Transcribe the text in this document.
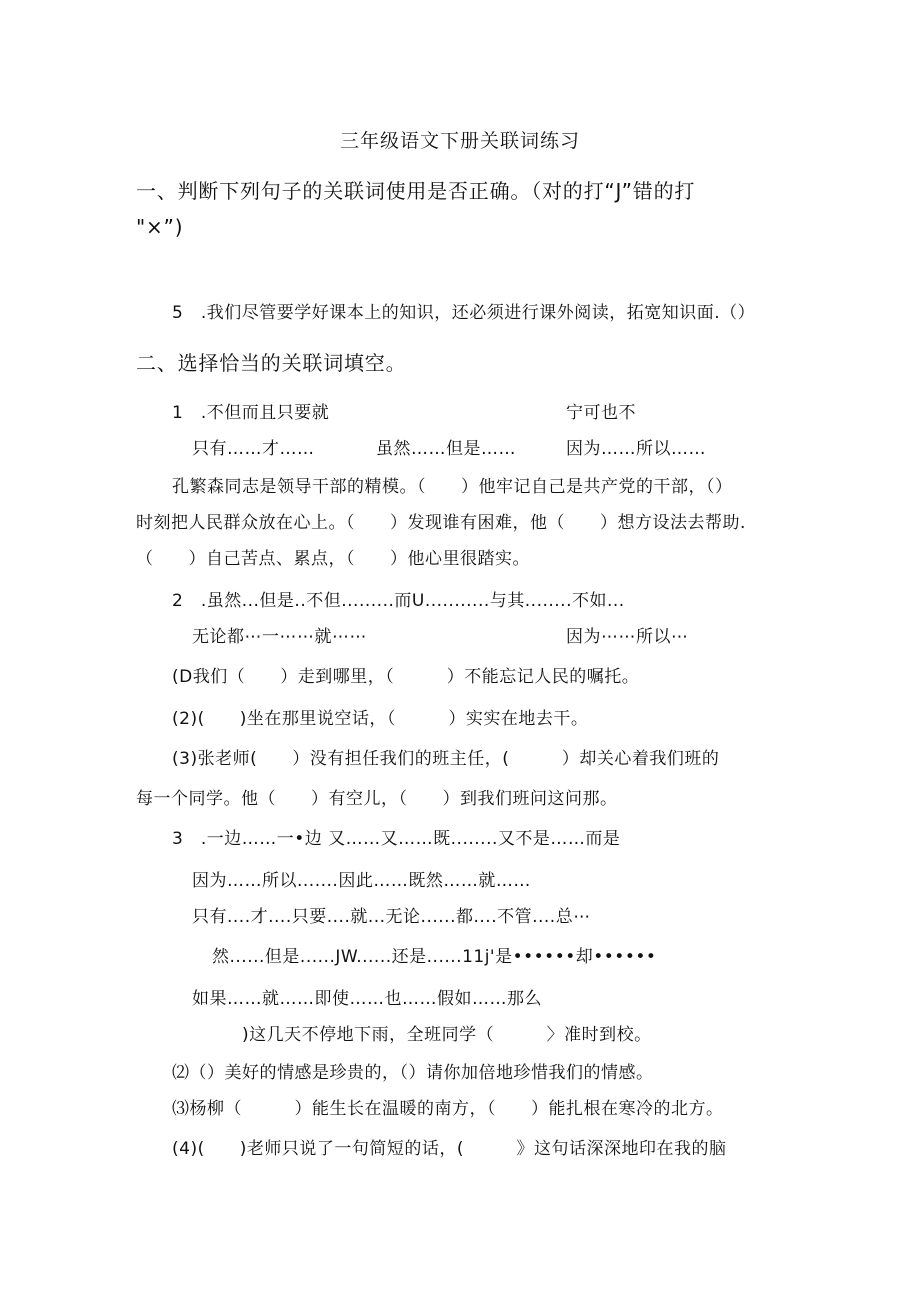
三年级语文下册关联词练习
一、判断下列句子的关联词使用是否正确。（对的打“J”错的打
"×”)
5　.我们尽管要学好课本上的知识，还必须进行课外阅读，拓宽知识面.（）
二、选择恰当的关联词填空。
1　.不但而且只要就	宁可也不
只有……才……	虽然……但是……	因为……所以……
孔繁森同志是领导干部的精模。（　　）他牢记自己是共产党的干部，（）
时刻把人民群众放在心上。（　　）发现谁有困难，他（　　）想方设法去帮助.
（　　）自己苦点、累点，（　　）他心里很踏实。
2　.虽然...但是..不但.........而U...........与其........不如...
无论都⋯一⋯⋯就⋯⋯	因为⋯⋯所以⋯
(D我们（　　）走到哪里，（　　　）不能忘记人民的嘱托。
(2)(　　)坐在那里说空话，（　　　）实实在地去干。
(3)张老师(　　）没有担任我们的班主任，(　　　）却关心着我们班的
每一个同学。他（　　）有空儿，（　　）到我们班问这问那。
3　.一边……一•边 又……又……既........又不是……而是
因为……所以.......因此……既然……就……
只有....才....只要....就...无论......都....不管....总⋯
然......但是......JW......还是......11j'是••••••却••••••
如果……就……即使……也……假如……那么
)这几天不停地下雨，全班同学（　　　〉准时到校。
⑵（）美好的情感是珍贵的，（）请你加倍地珍惜我们的情感。
⑶杨柳（　　　）能生长在温暖的南方，（　　）能扎根在寒冷的北方。
(4)(　　)老师只说了一句简短的话，(　　　》这句话深深地印在我的脑
